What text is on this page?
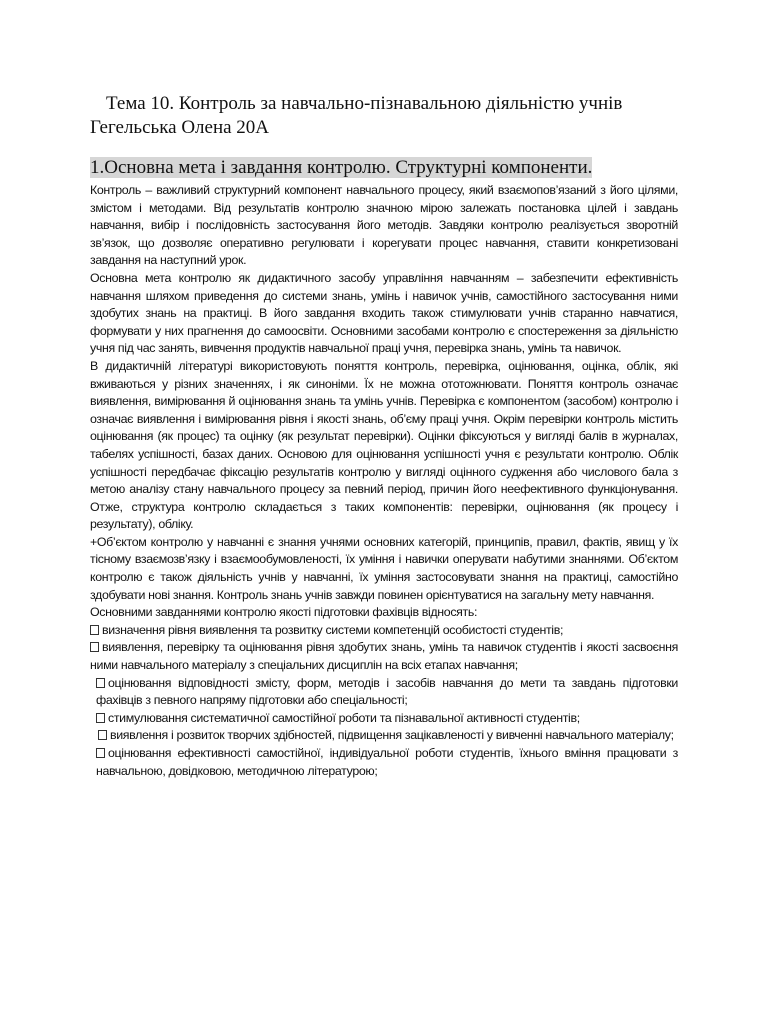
Тема 10. Контроль за навчально-пізнавальною діяльністю учнів
Гегельська Олена 20А
1.Основна мета і завдання контролю. Структурні компоненти.

Контроль – важливий структурний компонент навчального процесу, який взаємопов’язаний з його цілями, змістом і методами. Від результатів контролю значною мірою залежать постановка цілей і завдань навчання, вибір і послідовність застосування його методів. Завдяки контролю реалізується зворотній зв’язок, що дозволяє оперативно регулювати і корегувати процес навчання, ставити конкретизовані завдання на наступний урок.

Основна мета контролю як дидактичного засобу управління навчанням – забезпечити ефективність навчання шляхом приведення до системи знань, умінь і навичок учнів, самостійного застосування ними здобутих знань на практиці. В його завдання входить також стимулювати учнів старанно навчатися, формувати у них прагнення до самоосвіти. Основними засобами контролю є спостереження за діяльністю учня під час занять, вивчення продуктів навчальної праці учня, перевірка знань, умінь та навичок.

В дидактичній літературі використовують поняття контроль, перевірка, оцінювання, оцінка, облік, які вживаються у різних значеннях, і як синоніми. Їх не можна ототожнювати. Поняття контроль означає виявлення, вимірювання й оцінювання знань та умінь учнів. Перевірка є компонентом (засобом) контролю і означає виявлення і вимірювання рівня і якості знань, об’єму праці учня. Окрім перевірки контроль містить оцінювання (як процес) та оцінку (як результат перевірки). Оцінки фіксуються у вигляді балів в журналах, табелях успішності, базах даних. Основою для оцінювання успішності учня є результати контролю. Облік успішності передбачає фіксацію результатів контролю у вигляді оцінного судження або числового бала з метою аналізу стану навчального процесу за певний період, причин його неефективного функціонування. Отже, структура контролю складається з таких компонентів: перевірки, оцінювання (як процесу і результату), обліку.

+Об’єктом контролю у навчанні є знання учнями основних категорій, принципів, правил, фактів, явищ у їх тісному взаємозв’язку і взаємообумовленості, їх уміння і навички оперувати набутими знаннями. Об’єктом контролю є також діяльність учнів у навчанні, їх уміння застосовувати знання на практиці, самостійно здобувати нові знання. Контроль знань учнів завжди повинен орієнтуватися на загальну мету навчання.

Основними завданнями контролю якості підготовки фахівців відносять:

визначення рівня виявлення та розвитку системи компетенцій особистості студентів;

виявлення, перевірку та оцінювання рівня здобутих знань, умінь та навичок студентів і якості засвоєння ними навчального матеріалу з спеціальних дисциплін на всіх етапах навчання;

оцінювання відповідності змісту, форм, методів і засобів навчання до мети та завдань підготовки фахівців з певного напряму підготовки або спеціальності;

стимулювання систематичної самостійної роботи та пізнавальної активності студентів;

виявлення і розвиток творчих здібностей, підвищення зацікавленості у вивченні навчального матеріалу;

оцінювання ефективності самостійної, індивідуальної роботи студентів, їхнього вміння працювати з навчальною, довідковою, методичною літературою;
